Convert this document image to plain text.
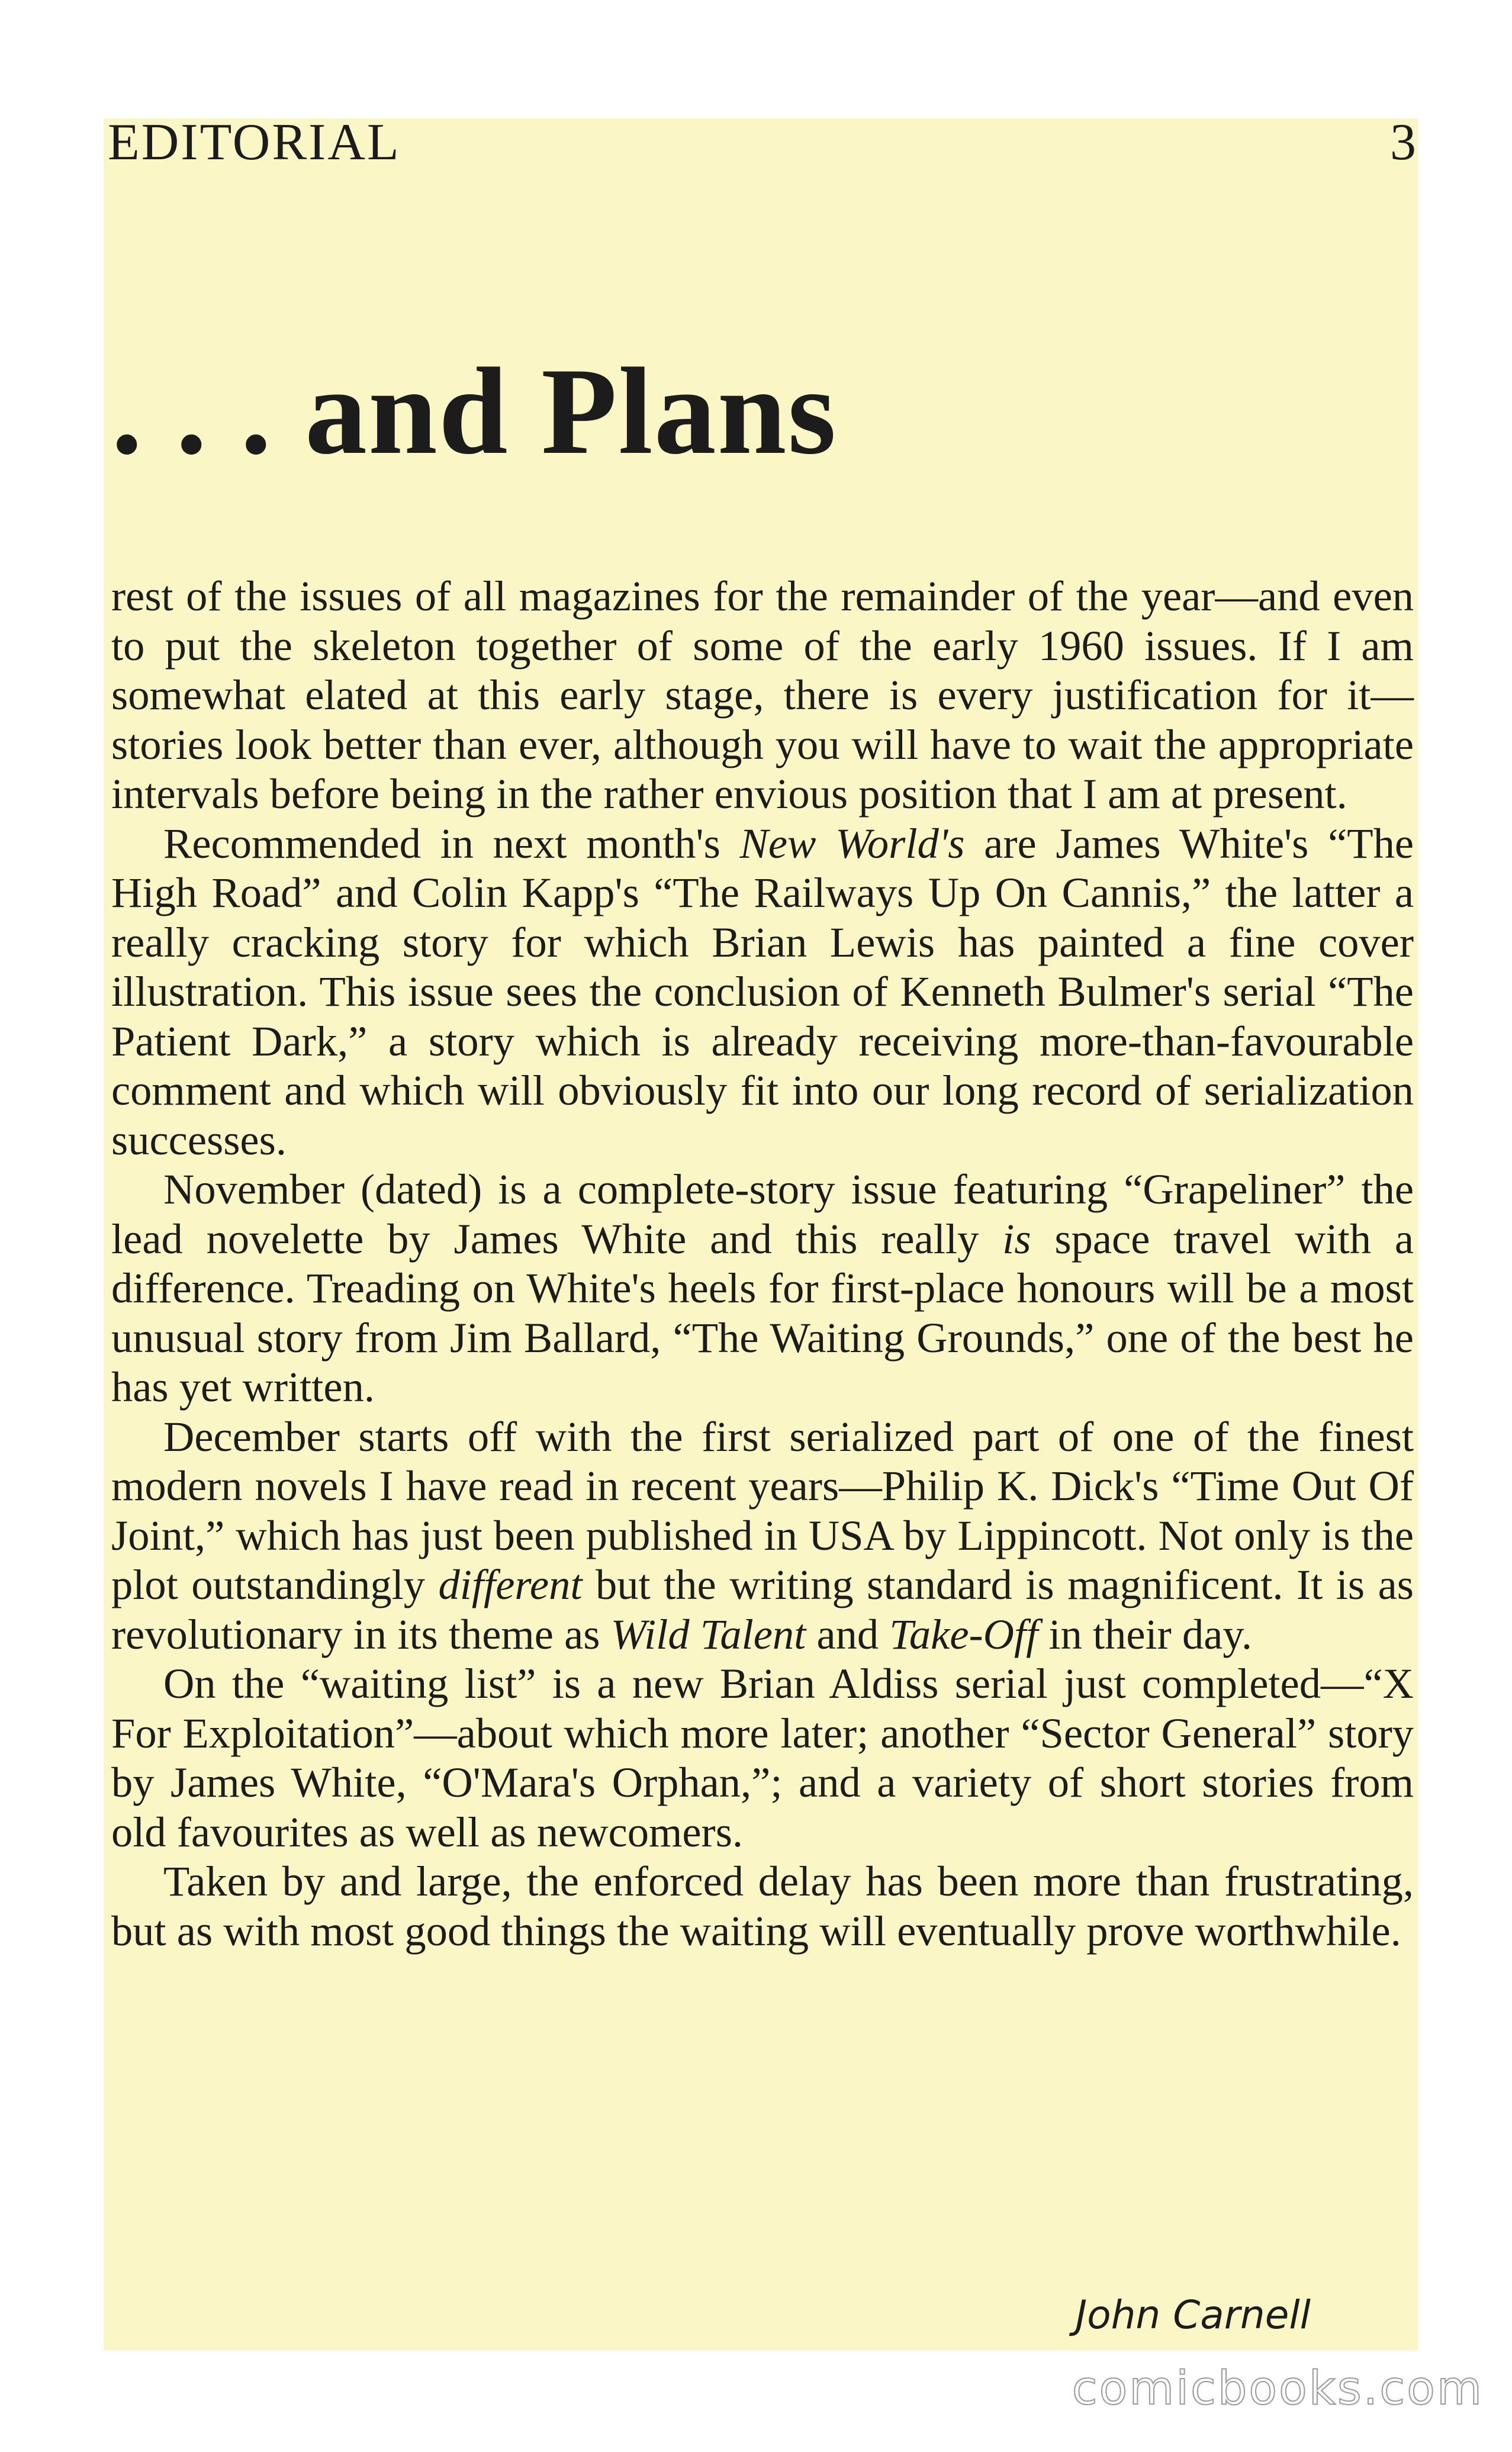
EDITORIAL	3
. . . and Plans

rest of the issues of all magazines for the remainder of the year—and even to put the skeleton together of some of the early 1960 issues. If I am somewhat elated at this early stage, there is every justification for it—stories look better than ever, although you will have to wait the appropriate intervals before being in the rather envious position that I am at present.

Recommended in next month's New World's are James White's “The High Road” and Colin Kapp's “The Railways Up On Cannis,” the latter a really cracking story for which Brian Lewis has painted a fine cover illustration. This issue sees the conclusion of Kenneth Bulmer's serial “The Patient Dark,” a story which is already receiving more-than-favourable comment and which will obviously fit into our long record of serialization successes.

November (dated) is a complete-story issue featuring “Grapeliner” the lead novelette by James White and this really is space travel with a difference. Treading on White's heels for first-place honours will be a most unusual story from Jim Ballard, “The Waiting Grounds,” one of the best he has yet written.

December starts off with the first serialized part of one of the finest modern novels I have read in recent years—Philip K. Dick's “Time Out Of Joint,” which has just been published in USA by Lippincott. Not only is the plot outstandingly different but the writing standard is magnificent. It is as revolutionary in its theme as Wild Talent and Take-Off in their day.

On the “waiting list” is a new Brian Aldiss serial just completed—“X For Exploitation”—about which more later; another “Sector General” story by James White, “O'Mara's Orphan,”; and a variety of short stories from old favourites as well as newcomers.

Taken by and large, the enforced delay has been more than frustrating, but as with most good things the waiting will eventually prove worthwhile.

John Carnell
comicbooks.com
